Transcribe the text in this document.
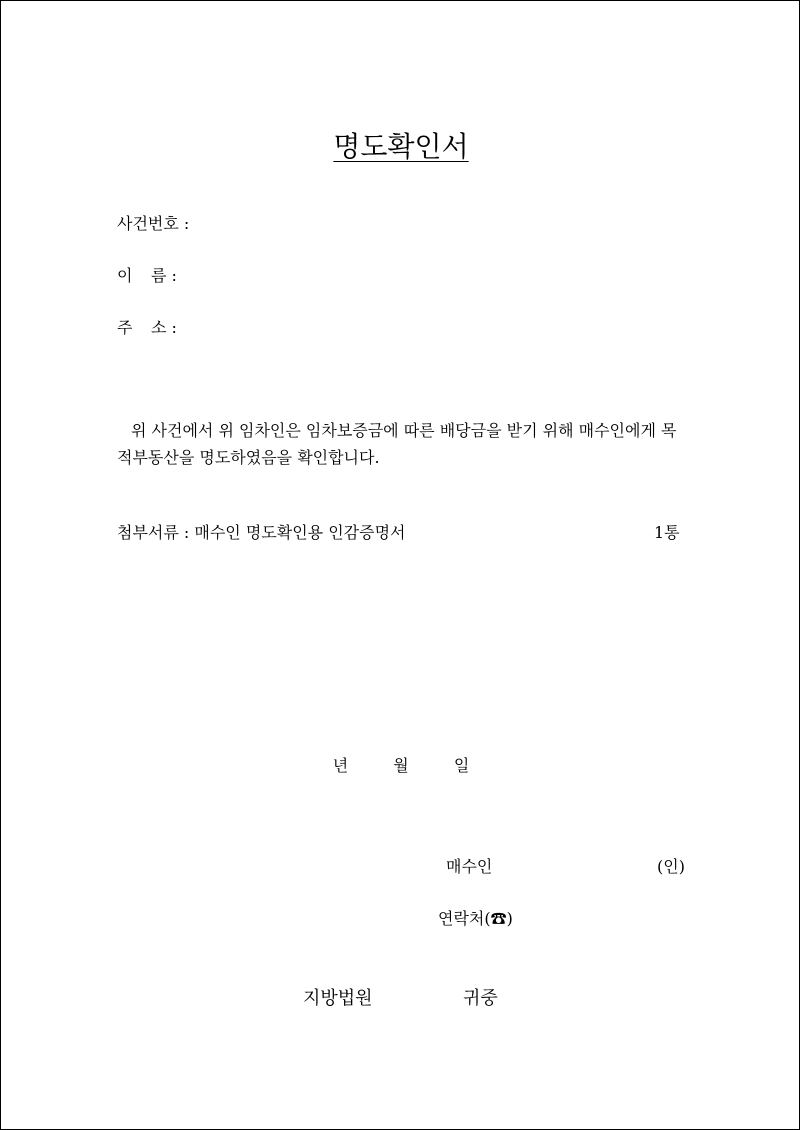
명도확인서
사건번호 :
이 름 :
주 소 :
위 사건에서 위 임차인은 임차보증금에 따른 배당금을 받기 위해 매수인에게 목
적부동산을 명도하였음을 확인합니다.
첨부서류 : 매수인 명도확인용 인감증명서	1통
년	월	일
매수인	(인)
연락처(☎)
지방법원	귀중
